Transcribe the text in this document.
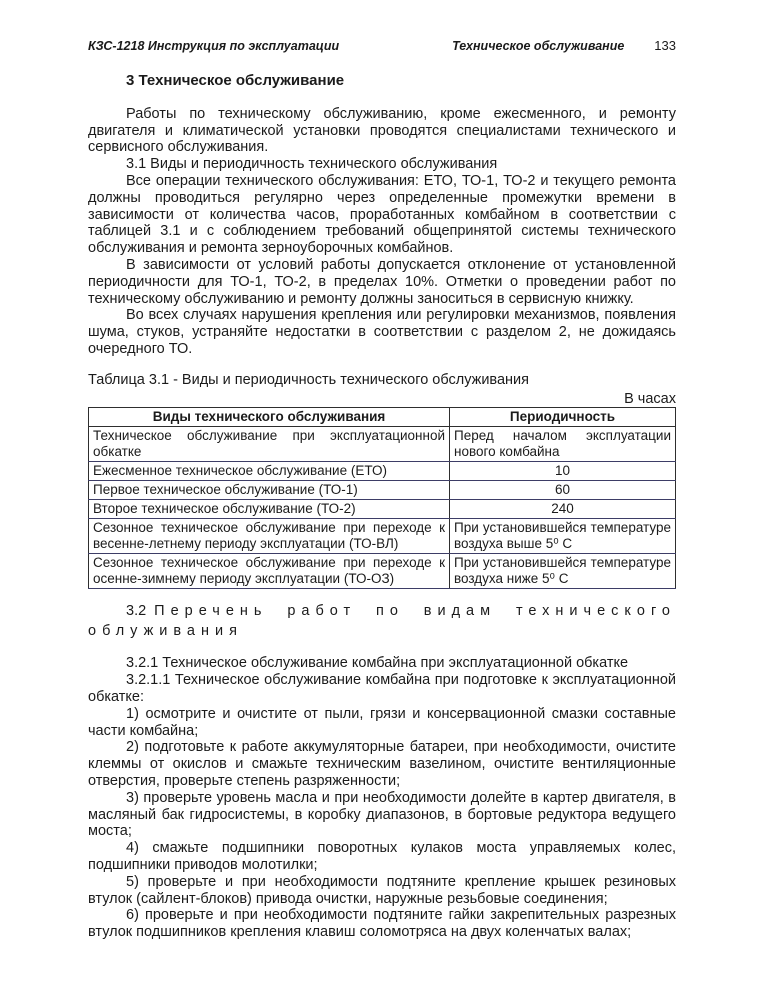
КЗС-1218 Инструкция по эксплуатации	Техническое обслуживание 133
3 Техническое обслуживание

Работы по техническому обслуживанию, кроме ежесменного, и ремонту двигателя и климатической установки проводятся специалистами технического и сервисного обслуживания.

3.1 Виды и периодичность технического обслуживания

Все операции технического обслуживания: ЕТО, ТО-1, ТО-2 и текущего ремонта должны проводиться регулярно через определенные промежутки времени в зависимости от количества часов, проработанных комбайном в соответствии с таблицей 3.1 и с соблюдением требований общепринятой системы технического обслуживания и ремонта зерноуборочных комбайнов.

В зависимости от условий работы допускается отклонение от установленной периодичности для ТО-1, ТО-2, в пределах 10%. Отметки о проведении работ по техническому обслуживанию и ремонту должны заноситься в сервисную книжку.

Во всех случаях нарушения крепления или регулировки механизмов, появления шума, стуков, устраняйте недостатки в соответствии с разделом 2, не дожидаясь очередного ТО.

Таблица 3.1 - Виды и периодичность технического обслуживания

В часах

Виды технического обслуживания	Периодичность
Техническое обслуживание при эксплуатационной обкатке	Перед началом эксплуатации нового комбайна
Ежесменное техническое обслуживание (ЕТО)	10
Первое техническое обслуживание (ТО-1)	60
Второе техническое обслуживание (ТО-2)	240
Сезонное техническое обслуживание при переходе к весенне-летнему периоду эксплуатации (ТО-ВЛ)	При установившейся температуре воздуха выше 5⁰ С
Сезонное техническое обслуживание при переходе к осенне-зимнему периоду эксплуатации (ТО-ОЗ)	При установившейся температуре воздуха ниже 5⁰ С

3.2 Перечень работ по видам технического облуживания

3.2.1 Техническое обслуживание комбайна при эксплуатационной обкатке

3.2.1.1 Техническое обслуживание комбайна при подготовке к эксплуатационной обкатке:

1) осмотрите и очистите от пыли, грязи и консервационной смазки составные части комбайна;

2) подготовьте к работе аккумуляторные батареи, при необходимости, очистите клеммы от окислов и смажьте техническим вазелином, очистите вентиляционные отверстия, проверьте степень разряженности;

3) проверьте уровень масла и при необходимости долейте в картер двигателя, в масляный бак гидросистемы, в коробку диапазонов, в бортовые редуктора ведущего моста;

4) смажьте подшипники поворотных кулаков моста управляемых колес, подшипники приводов молотилки;

5) проверьте и при необходимости подтяните крепление крышек резиновых втулок (сайлент-блоков) привода очистки, наружные резьбовые соединения;

6) проверьте и при необходимости подтяните гайки закрепительных разрезных втулок подшипников крепления клавиш соломотряса на двух коленчатых валах;
